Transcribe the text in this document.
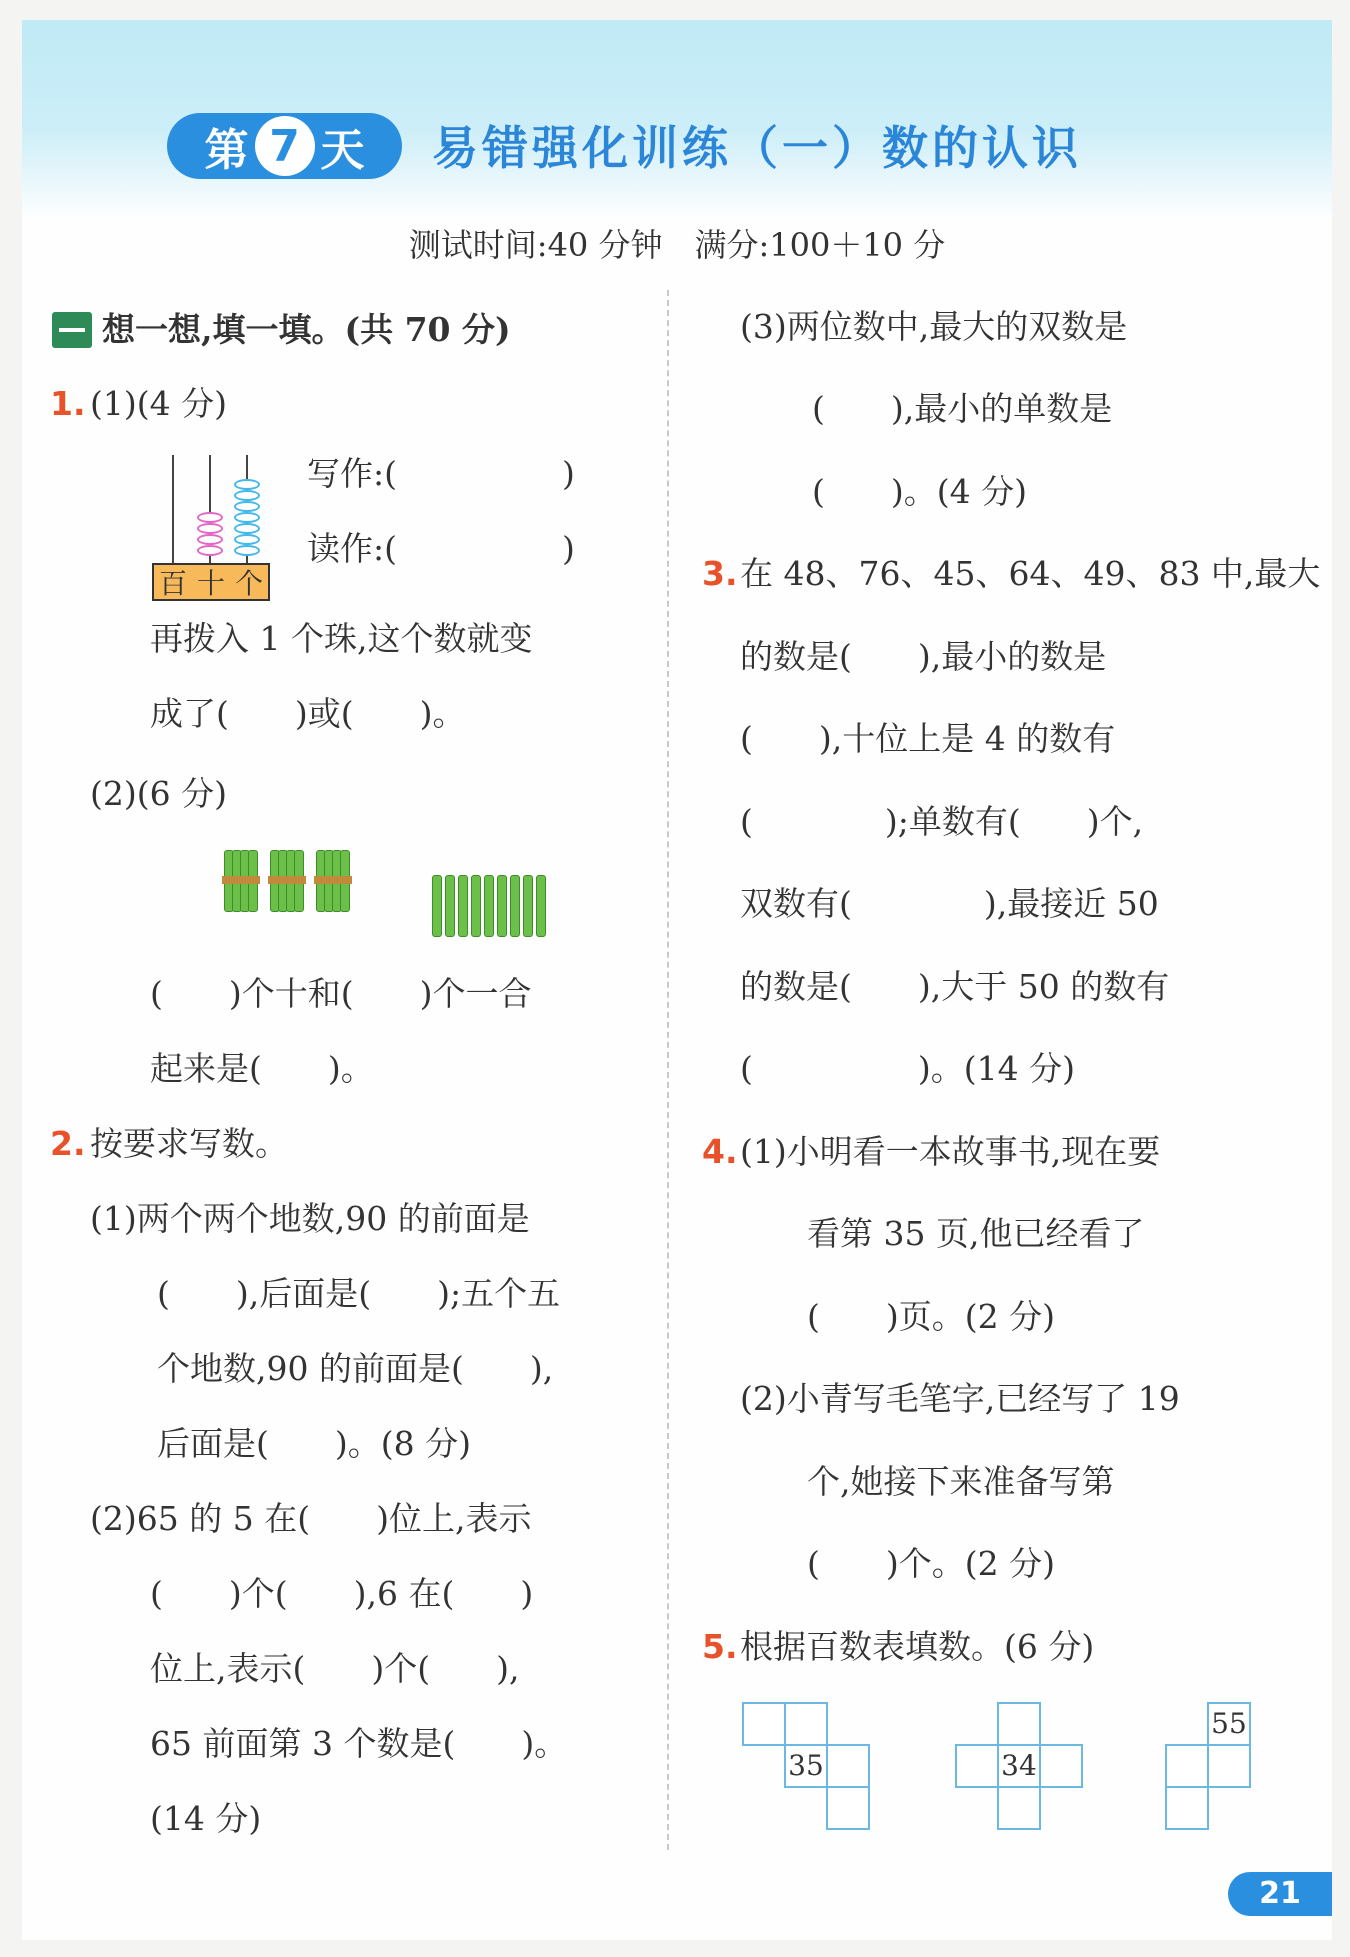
第 7 天 易错强化训练（一）数的认识
测试时间:40 分钟　满分:100＋10 分
想一想,填一填。(共 70 分)
1. (1)(4 分)
百 十 个
写作:(　　　　　)
读作:(　　　　　)
再拨入 1 个珠,这个数就变
成了(　　)或(　　)。
(2)(6 分)
(　　)个十和(　　)个一合
起来是(　　)。
2. 按要求写数。
(1)两个两个地数,90 的前面是
(　　),后面是(　　);五个五
个地数,90 的前面是(　　),
后面是(　　)。(8 分)
(2)65 的 5 在(　　)位上,表示
(　　)个(　　),6 在(　　)
位上,表示(　　)个(　　),
65 前面第 3 个数是(　　)。
(14 分)
(3)两位数中,最大的双数是
(　　),最小的单数是
(　　)。(4 分)
3. 在 48、76、45、64、49、83 中,最大
的数是(　　),最小的数是
(　　),十位上是 4 的数有
(　　　　);单数有(　　)个,
双数有(　　　　),最接近 50
的数是(　　),大于 50 的数有
(　　　　　)。(14 分)
4. (1)小明看一本故事书,现在要
看第 35 页,他已经看了
(　　)页。(2 分)
(2)小青写毛笔字,已经写了 19
个,她接下来准备写第
(　　)个。(2 分)
5. 根据百数表填数。(6 分)
35	34
55
21
